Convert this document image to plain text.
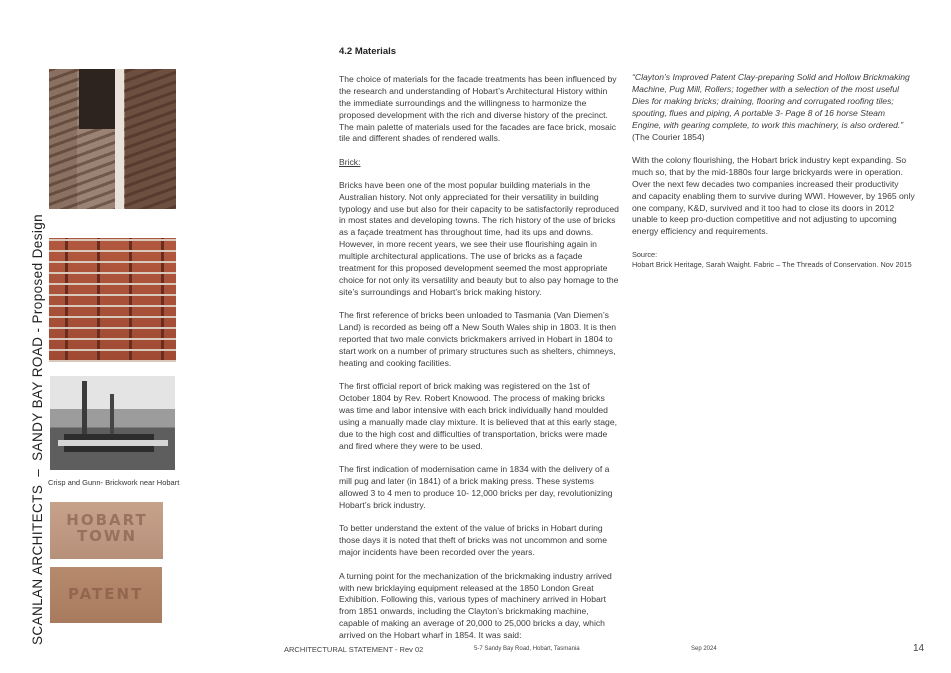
SCANLAN ARCHITECTS–SANDY BAY ROAD - Proposed Design
Crisp and Gunn- Brickwork near Hobart
HOBART TOWN
PATENT
4.2 Materials

The choice of materials for the facade treatments has been influenced by the research and understanding of Hobart’s Architectural History within the immediate surroundings and the willingness to harmonize the proposed development with the rich and diverse history of the precinct. The main palette of materials used for the facades are face brick, mosaic tile and different shades of rendered walls.

Brick:

Bricks have been one of the most popular building materials in the Australian history. Not only appreciated for their versatility in building typology and use but also for their capacity to be satisfactorily reproduced in most states and developing towns. The rich history of the use of bricks as a façade treatment has throughout time, had its ups and downs. However, in more recent years, we see their use flourishing again in multiple architectural applications. The use of bricks as a façade treatment for this proposed development seemed the most appropriate choice for not only its versatility and beauty but to also pay homage to the site’s surroundings and Hobart’s brick making history.

The first reference of bricks been unloaded to Tasmania (Van Diemen’s Land) is recorded as being off a New South Wales ship in 1803. It is then reported that two male convicts brickmakers arrived in Hobart in 1804 to start work on a number of primary structures such as shelters, chimneys, heating and cooking facilities.

The first official report of brick making was registered on the 1st of October 1804 by Rev. Robert Knowood. The process of making bricks was time and labor intensive with each brick individually hand moulded using a manually made clay mixture. It is believed that at this early stage, due to the high cost and difficulties of transportation, bricks were made and fired where they were to be used.

The first indication of modernisation came in 1834 with the delivery of a mill pug and later (in 1841) of a brick making press. These systems allowed 3 to 4 men to produce 10- 12,000 bricks per day, revolutionizing Hobart’s brick industry.

To better understand the extent of the value of bricks in Hobart during those days it is noted that theft of bricks was not uncommon and some major incidents have been recorded over the years.

A turning point for the mechanization of the brickmaking industry arrived with new bricklaying equipment released at the 1850 London Great Exhibition. Following this, various types of machinery arrived in Hobart from 1851 onwards, including the Clayton’s brickmaking machine, capable of making an average of 20,000 to 25,000 bricks a day, which arrived on the Hobart wharf in 1854. It was said:

“Clayton’s Improved Patent Clay-preparing Solid and Hollow Brickmaking Machine, Pug Mill, Rollers; together with a selection of the most useful Dies for making bricks; draining, flooring and corrugated roofing tiles; spouting, flues and piping, A portable 3- Page 8 of 16 horse Steam Engine, with gearing complete, to work this machinery, is also ordered.”

(The Courier 1854)

With the colony flourishing, the Hobart brick industry kept expanding. So much so, that by the mid-1880s four large brickyards were in operation. Over the next few decades two companies increased their productivity and capacity enabling them to survive during WWI. However, by 1965 only one company, K&D, survived and it too had to close its doors in 2012 unable to keep pro-duction competitive and not adjusting to upcoming energy efficiency and requirements.

Source:

Hobart Brick Heritage, Sarah Waight. Fabric – The Threads of Conservation. Nov 2015

ARCHITECTURAL STATEMENT - Rev 02	5-7 Sandy Bay Road, Hobart, Tasmania	Sep 2024	14
